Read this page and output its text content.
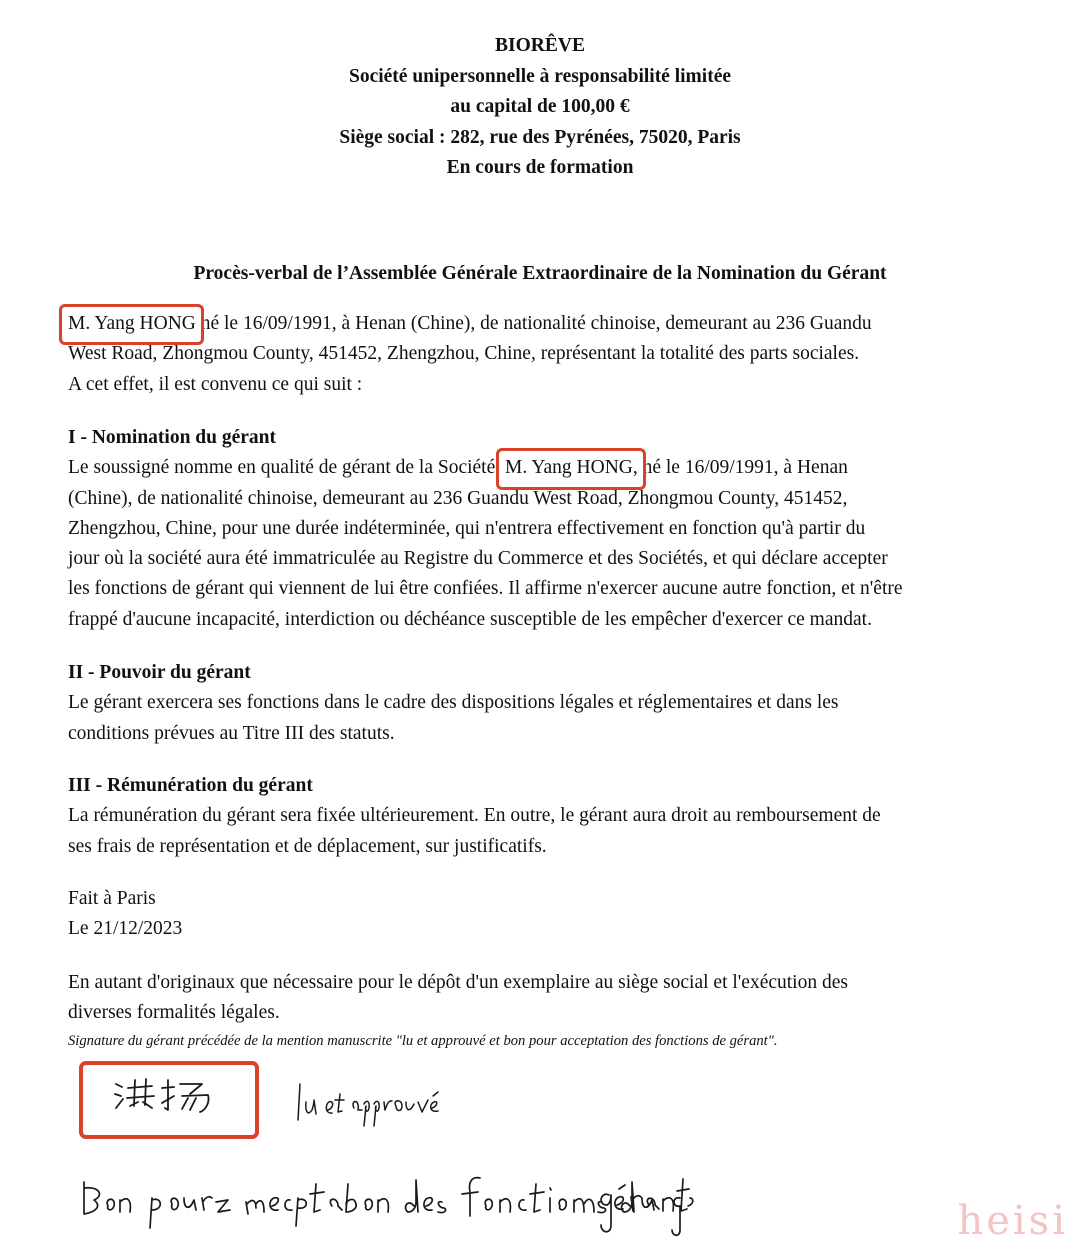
BIORÊVE
Société unipersonnelle à responsabilité limitée
au capital de 100,00 €
Siège social : 282, rue des Pyrénées, 75020, Paris
En cours de formation
Procès-verbal de l’Assemblée Générale Extraordinaire de la Nomination du Gérant

M. Yang HONG né le 16/09/1991, à Henan (Chine), de nationalité chinoise, demeurant au 236 Guandu

West Road, Zhongmou County, 451452, Zhengzhou, Chine, représentant la totalité des parts sociales.

A cet effet, il est convenu ce qui suit :

I - Nomination du gérant

Le soussigné nomme en qualité de gérant de la Société  M. Yang HONG, né le 16/09/1991, à Henan

(Chine), de nationalité chinoise, demeurant au 236 Guandu West Road, Zhongmou County, 451452,

Zhengzhou, Chine, pour une durée indéterminée, qui n'entrera effectivement en fonction qu'à partir du

jour où la société aura été immatriculée au Registre du Commerce et des Sociétés, et qui déclare accepter

les fonctions de gérant qui viennent de lui être confiées. Il affirme n'exercer aucune autre fonction, et n'être

frappé d'aucune incapacité, interdiction ou déchéance susceptible de les empêcher d'exercer ce mandat.

II - Pouvoir du gérant

Le gérant exercera ses fonctions dans le cadre des dispositions légales et réglementaires et dans les

conditions prévues au Titre III des statuts.

III - Rémunération du gérant

La rémunération du gérant sera fixée ultérieurement. En outre, le gérant aura droit au remboursement de

ses frais de représentation et de déplacement, sur justificatifs.

Fait à Paris

Le 21/12/2023

En autant d'originaux que nécessaire pour le dépôt d'un exemplaire au siège social et l'exécution des

diverses formalités légales.

Signature du gérant précédée de la mention manuscrite "lu et approuvé et bon pour acceptation des fonctions de gérant".
heisi
